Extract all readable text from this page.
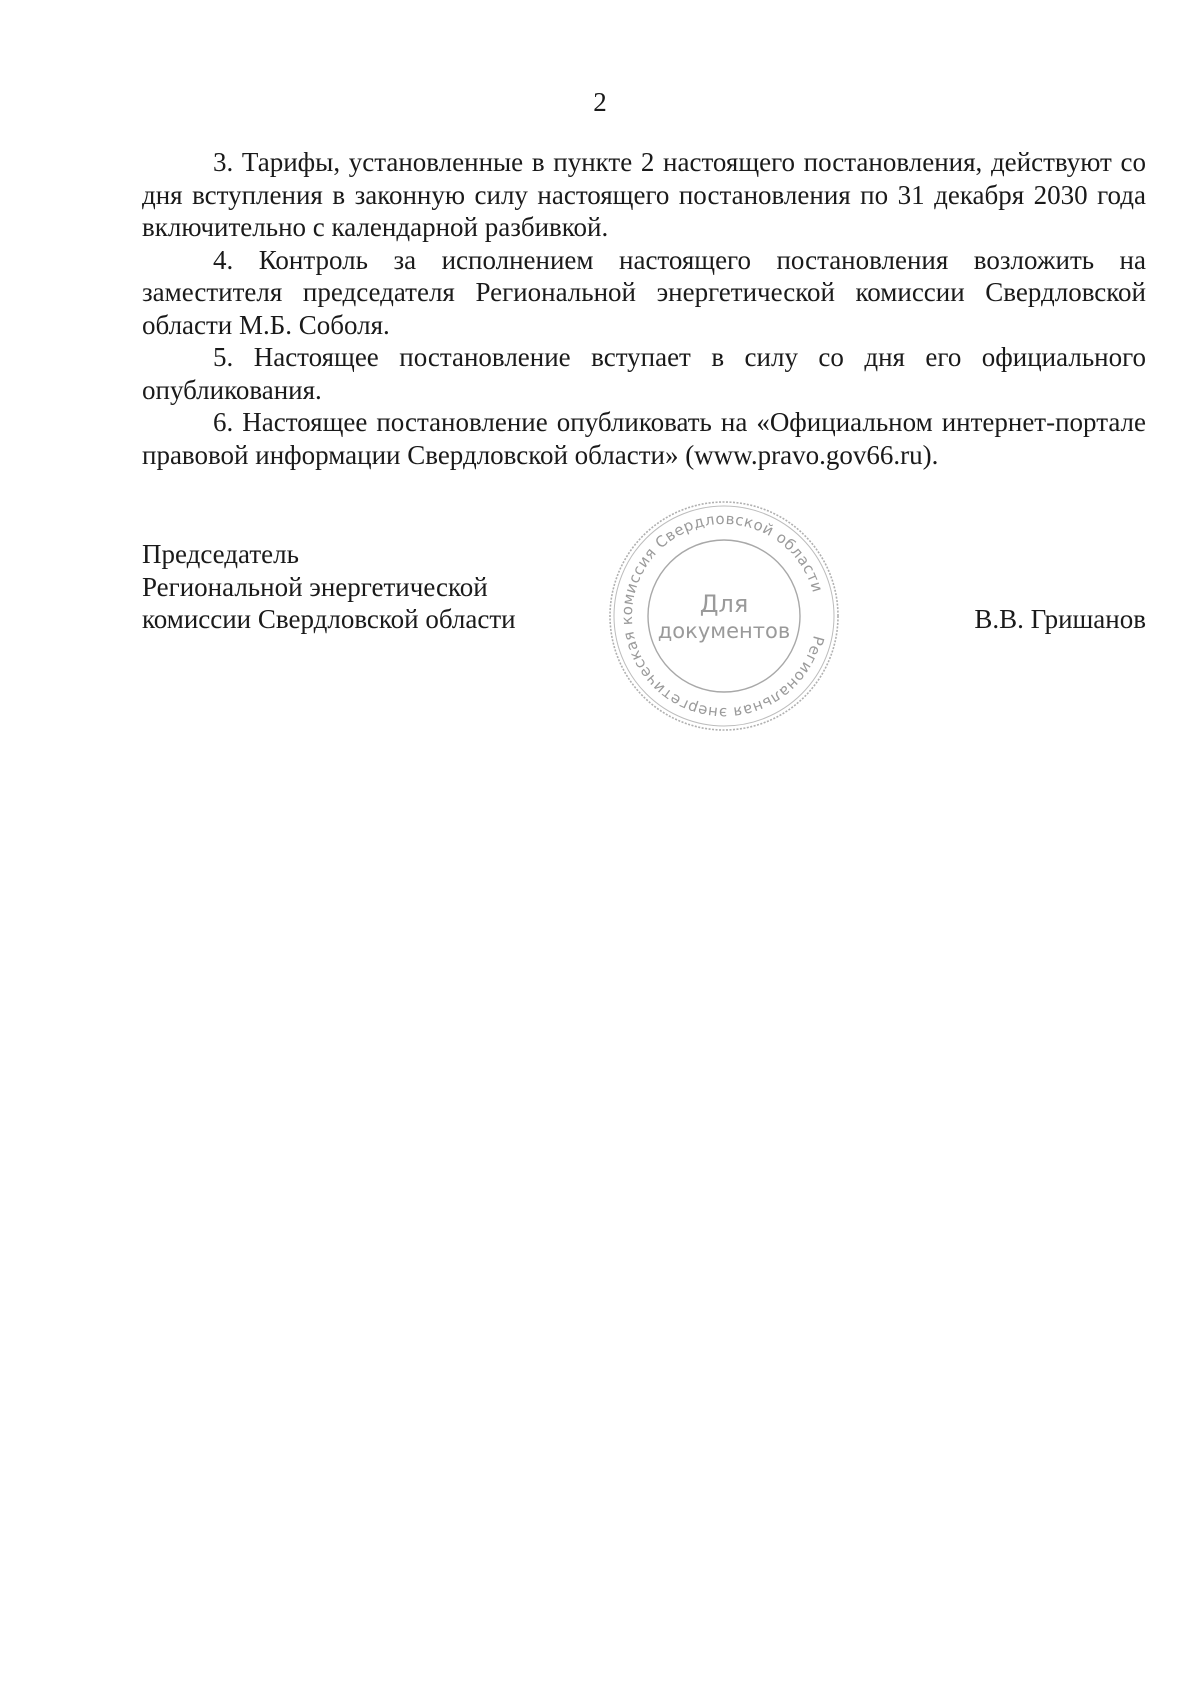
2

3. Тарифы, установленные в пункте 2 настоящего постановления, действуют со дня вступления в законную силу настоящего постановления по 31 декабря 2030 года включительно с календарной разбивкой.

4. Контроль за исполнением настоящего постановления возложить на заместителя председателя Региональной энергетической комиссии Свердловской области М.Б. Соболя.

5. Настоящее постановление вступает в силу со дня его официального опубликования.

6. Настоящее постановление опубликовать на «Официальном интернет-портале правовой информации Свердловской области» (www.pravo.gov66.ru).

Председатель
Региональной энергетической
комиссии Свердловской области	В.В. Гришанов
Региональная энергетическая комиссия Свердловской области
Для
документов
